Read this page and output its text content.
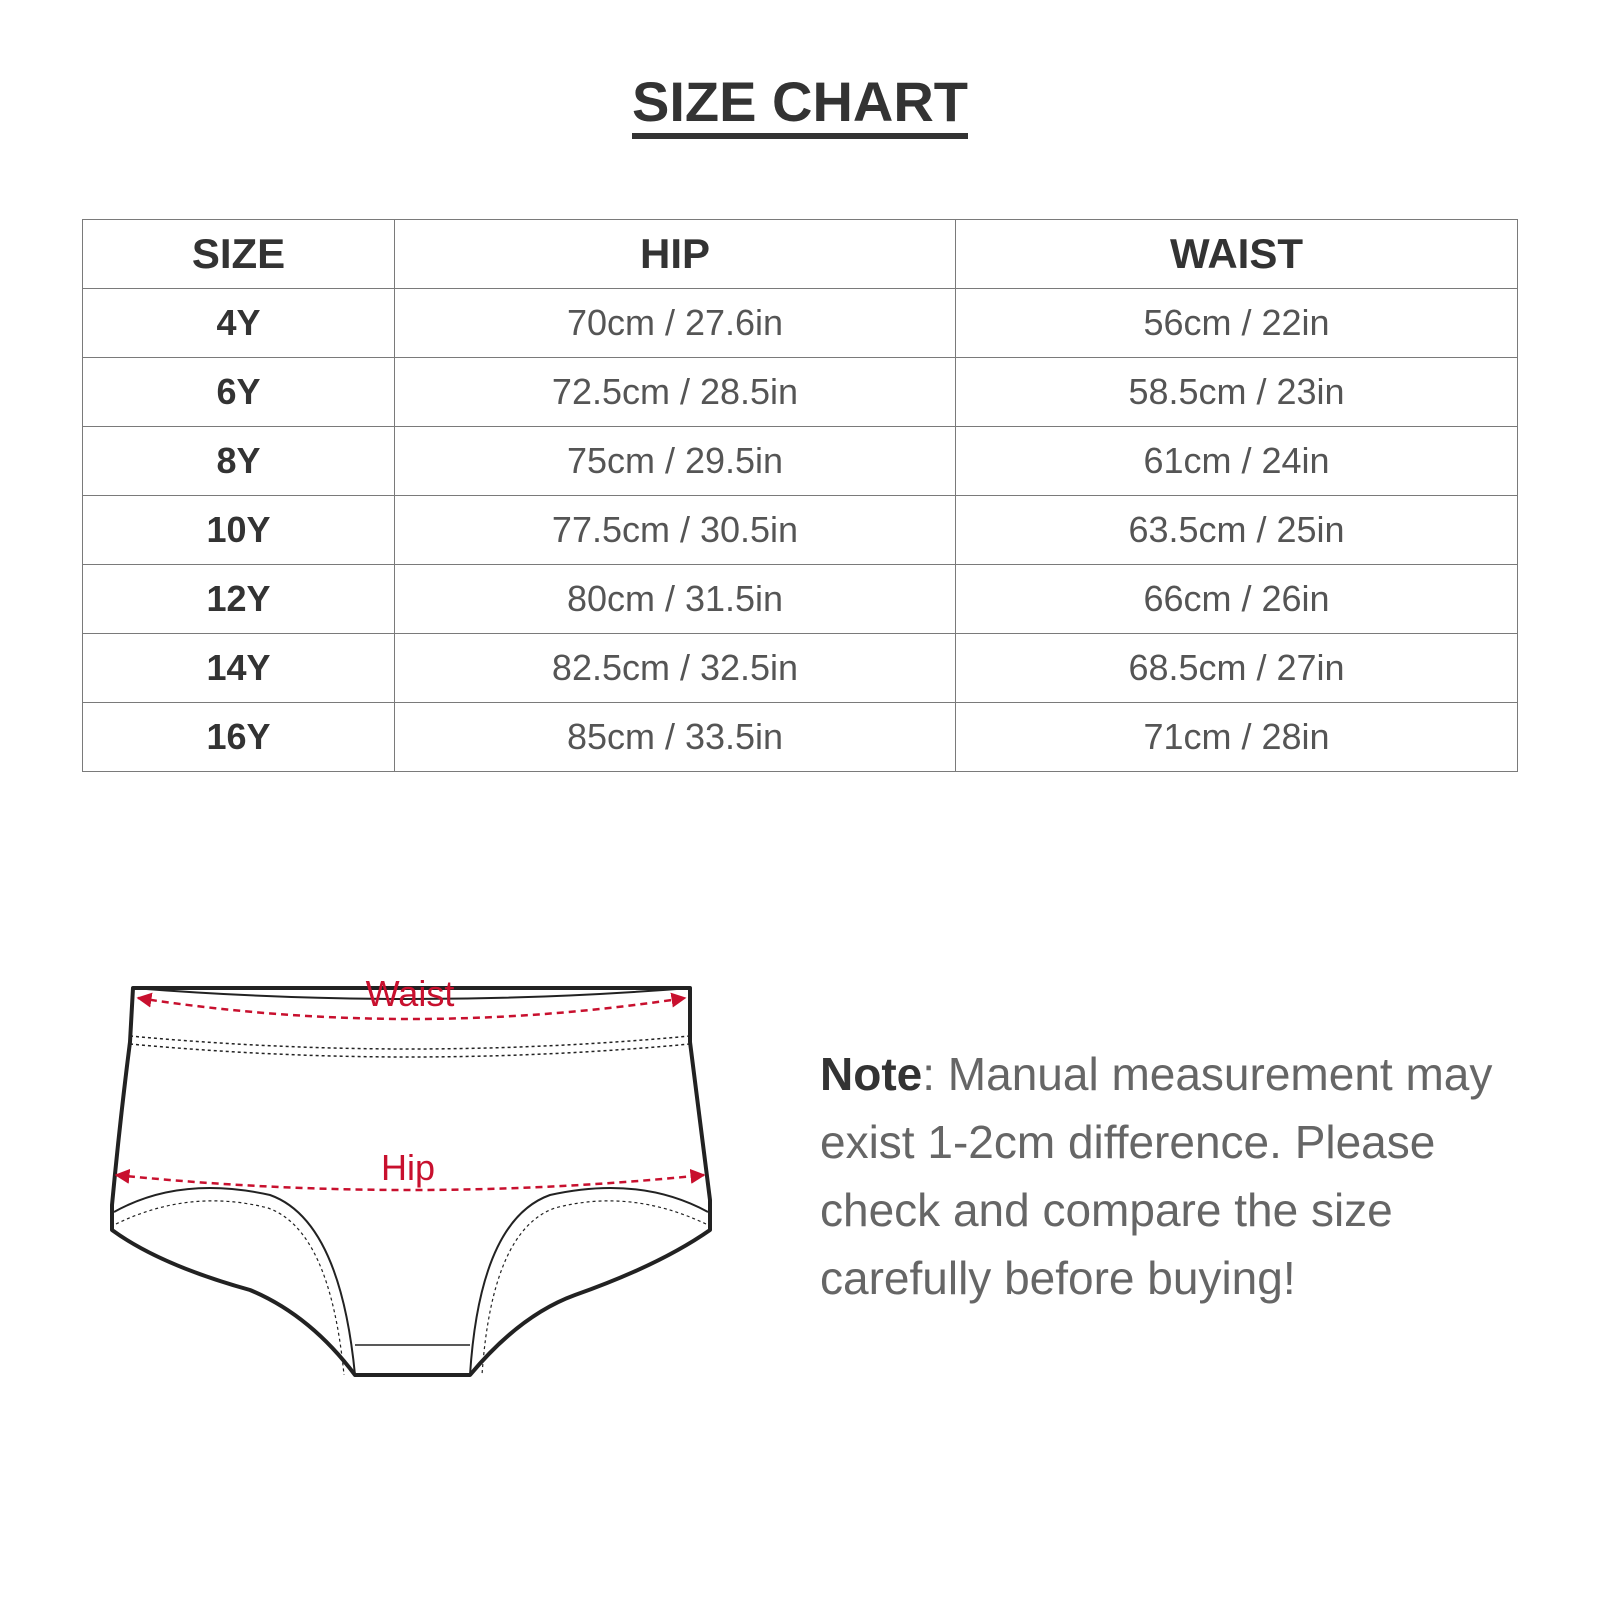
SIZE CHART
SIZE	HIP	WAIST
4Y	70cm / 27.6in	56cm / 22in
6Y	72.5cm / 28.5in	58.5cm / 23in
8Y	75cm / 29.5in	61cm / 24in
10Y	77.5cm / 30.5in	63.5cm / 25in
12Y	80cm / 31.5in	66cm / 26in
14Y	82.5cm / 32.5in	68.5cm / 27in
16Y	85cm / 33.5in	71cm / 28in
Waist
Hip
Note: Manual measurement may exist 1-2cm difference. Please check and compare the size carefully before buying!
